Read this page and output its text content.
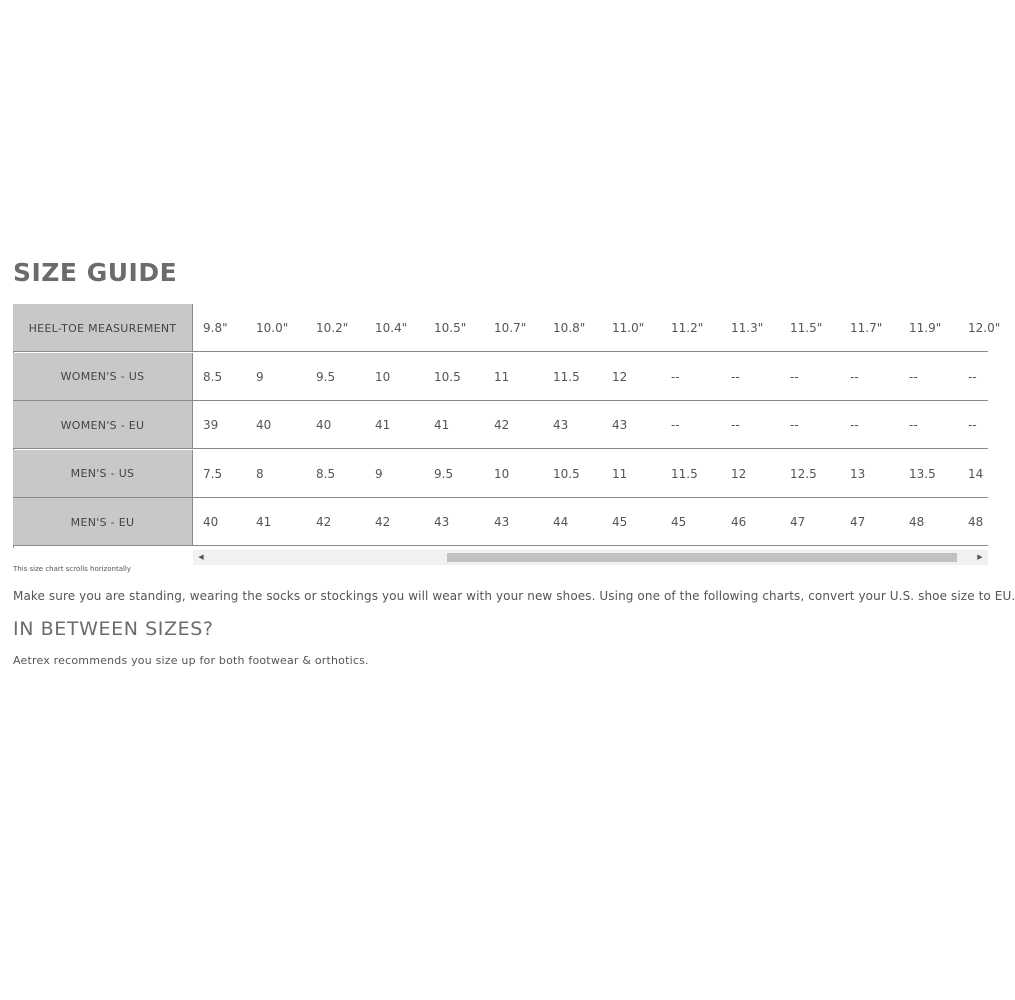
SIZE GUIDE
HEEL-TOE MEASUREMENT	9.8" 10.0" 10.2" 10.4" 10.5" 10.7" 10.8" 11.0" 11.2" 11.3" 11.5" 11.7" 11.9" 12.0"
WOMEN'S - US	8.5	9	9.5	10	10.5	11	11.5	12	--	--	--	--	--	--
WOMEN'S - EU	39	40	40	41	41	42	43	43	--	--	--	--	--	--
MEN'S - US	7.5	8	8.5	9	9.5	10	10.5	11	11.5	12	12.5	13	13.5	14
MEN'S - EU	40	41	42	42	43	43	44	45	45	46	47	47	48	48
◀	▶
This size chart scrolls horizontally
Make sure you are standing, wearing the socks or stockings you will wear with your new shoes. Using one of the following charts, convert your U.S. shoe size to EU.
IN BETWEEN SIZES?
Aetrex recommends you size up for both footwear & orthotics.
